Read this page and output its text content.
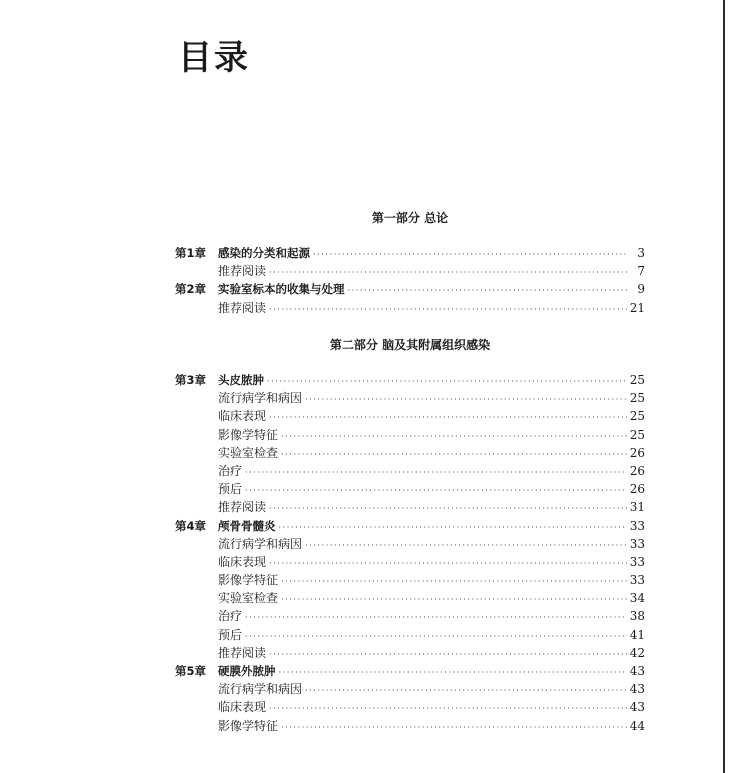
目录
第一部分 总论
第1章	感染的分类和起源 ·····	3
推荐阅读 ·····	7
第2章	实验室标本的收集与处理 ·····	9
推荐阅读 ·····	21
第二部分 脑及其附属组织感染
第3章	头皮脓肿 ·····	25
流行病学和病因 ·····	25
临床表现 ·····	25
影像学特征 ·····	25
实验室检查 ·····	26
治疗 ·····	26
预后 ·····	26
推荐阅读 ·····	31
第4章	颅骨骨髓炎 ·····	33
流行病学和病因 ·····	33
临床表现 ·····	33
影像学特征 ·····	33
实验室检查 ·····	34
治疗 ·····	38
预后 ·····	41
推荐阅读 ·····	42
第5章	硬膜外脓肿 ·····	43
流行病学和病因 ·····	43
临床表现 ·····	43
影像学特征 ·····	44
